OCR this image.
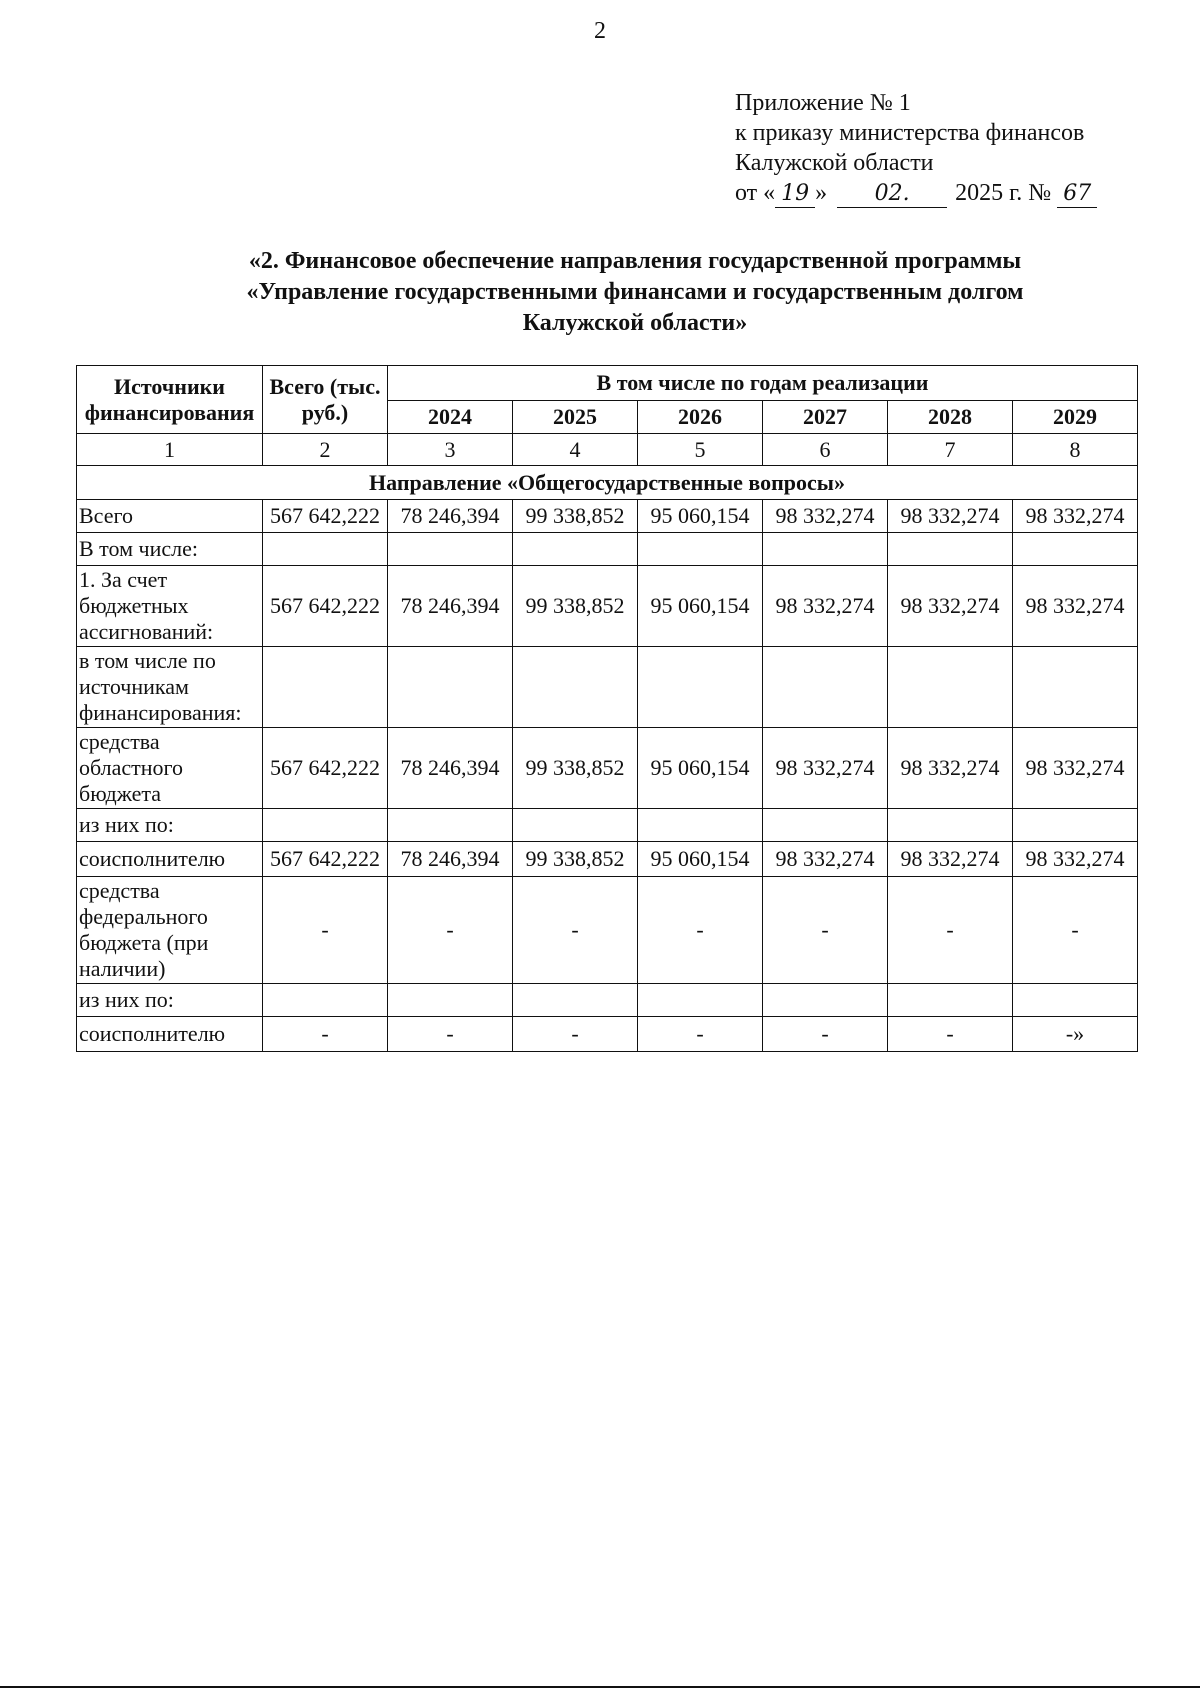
2
Приложение № 1
к приказу министерства финансов
Калужской области
от « 19 » 02. 2025 г. № 67
«2. Финансовое обеспечение направления государственной программы
«Управление государственными финансами и государственным долгом
Калужской области»
Источники финансирования	Всего (тыс. руб.)	В том числе по годам реализации					
		2024	2025	2026	2027	2028	2029
1	2	3	4	5	6	7	8
Направление «Общегосударственные вопросы»							
Всего	567 642,222	78 246,394	99 338,852	95 060,154	98 332,274	98 332,274	98 332,274
В том числе:							
1. За счет бюджетных ассигнований:	567 642,222	78 246,394	99 338,852	95 060,154	98 332,274	98 332,274	98 332,274
в том числе по источникам финансирования:							
средства областного бюджета	567 642,222	78 246,394	99 338,852	95 060,154	98 332,274	98 332,274	98 332,274
из них по:							
соисполнителю	567 642,222	78 246,394	99 338,852	95 060,154	98 332,274	98 332,274	98 332,274
средства федерального бюджета (при наличии)	-	-	-	-	-	-	-
из них по:							
соисполнителю	-	-	-	-	-	-	-»
